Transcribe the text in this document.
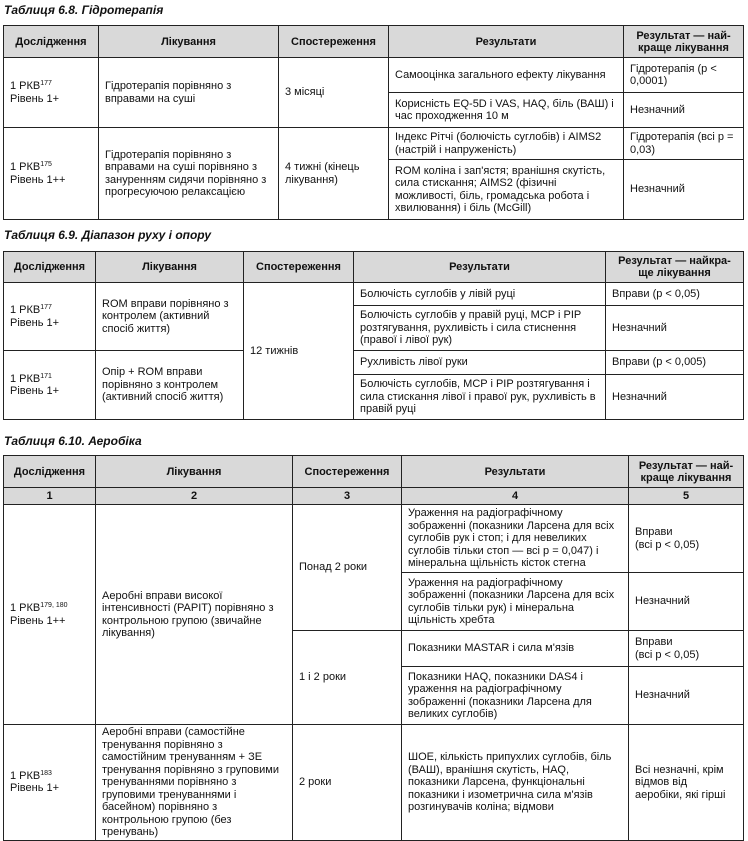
Таблиця 6.8. Гідротерапія
Дослідження	Лікування	Спостереження	Результати	Результат — най-
краще лікування

1 РКВ$^{177}$
Рівень 1+	Гідротерапія порівняно з вправами на суші	3 місяці	Самооцінка загального ефекту лікування	Гідротерапія (p < 0,0001)
			Корисність EQ-5D і VAS, HAQ, біль (ВАШ) і час проходження 10 м	Незначний
1 РКВ$^{175}$
Рівень 1++	Гідротерапія порівняно з вправами на суші порівняно з зануренням сидячи порівняно з прогресуючою релаксацією	4 тижні (кінець лікування)	Індекс Рітчі (болючість суглобів) і AIMS2 (настрій і напруженість)	Гідротерапія (всі p = 0,03)
			ROM коліна і зап'ястя; вранішня скутість, сила стискання; AIMS2 (фізичні можливості, біль, громадська робота і хвилювання) і біль (McGill)	Незначний
Таблиця 6.9. Діапазон руху і опору
Дослідження	Лікування	Спостереження	Результати	Результат — найкра-
ще лікування

1 РКВ$^{177}$
Рівень 1+	ROM вправи порівняно з контролем (активний спосіб життя)	12 тижнів	Болючість суглобів у лівій руці	Вправи (p < 0,05)
			Болючість суглобів у правій руці, MCP і PIP розтягування, рухливість і сила стиснення (правої і лівої рук)	Незначний
1 РКВ$^{171}$
Рівень 1+	Опір + ROM вправи порівняно з контролем (активний спосіб життя)		Рухливість лівої руки	Вправи (p < 0,005)
			Болючість суглобів, MCP і PIP розтягування і сила стискання лівої і правої рук, рухливість в правій руці	Незначний
Таблиця 6.10. Аеробіка
Дослідження	Лікування	Спостереження	Результати	Результат — най-
краще лікування

1	2	3	4	5
1 РКВ$^{179, 180}$
Рівень 1++	Аеробні вправи високої інтенсивності (PAPIT) порівняно з контрольною групою (звичайне лікування)	Понад 2 роки	Ураження на радіографічному зображенні (показники Ларсена для всіх суглобів рук і стоп; і для невеликих суглобів тільки стоп — всі p = 0,047) і мінеральна щільність кісток стегна	Вправи
(всі p < 0,05)
			Ураження на радіографічному зображенні (показники Ларсена для всіх суглобів тільки рук) і мінеральна щільність хребта	Незначний
		1 і 2 роки	Показники MASTAR і сила м'язів	Вправи
(всі p < 0,05)
			Показники HAQ, показники DAS4 і ураження на радіографічному зображенні (показники Ларсена для великих суглобів)	Незначний
1 РКВ$^{183}$
Рівень 1+	Аеробні вправи (самостійне тренування порівняно з самостійним тренуванням + ЗЕ тренування порівняно з груповими тренуваннями порівняно з груповими тренуваннями і басейном) порівняно з контрольною групою (без тренувань)	2 роки	ШОЕ, кількість припухлих суглобів, біль (ВАШ), вранішня скутість, HAQ, показники Ларсена, функціональні показники і изометрична сила м'язів розгинувачів коліна; відмови	Всі незначні, крім відмов від аеробіки, які гірші
